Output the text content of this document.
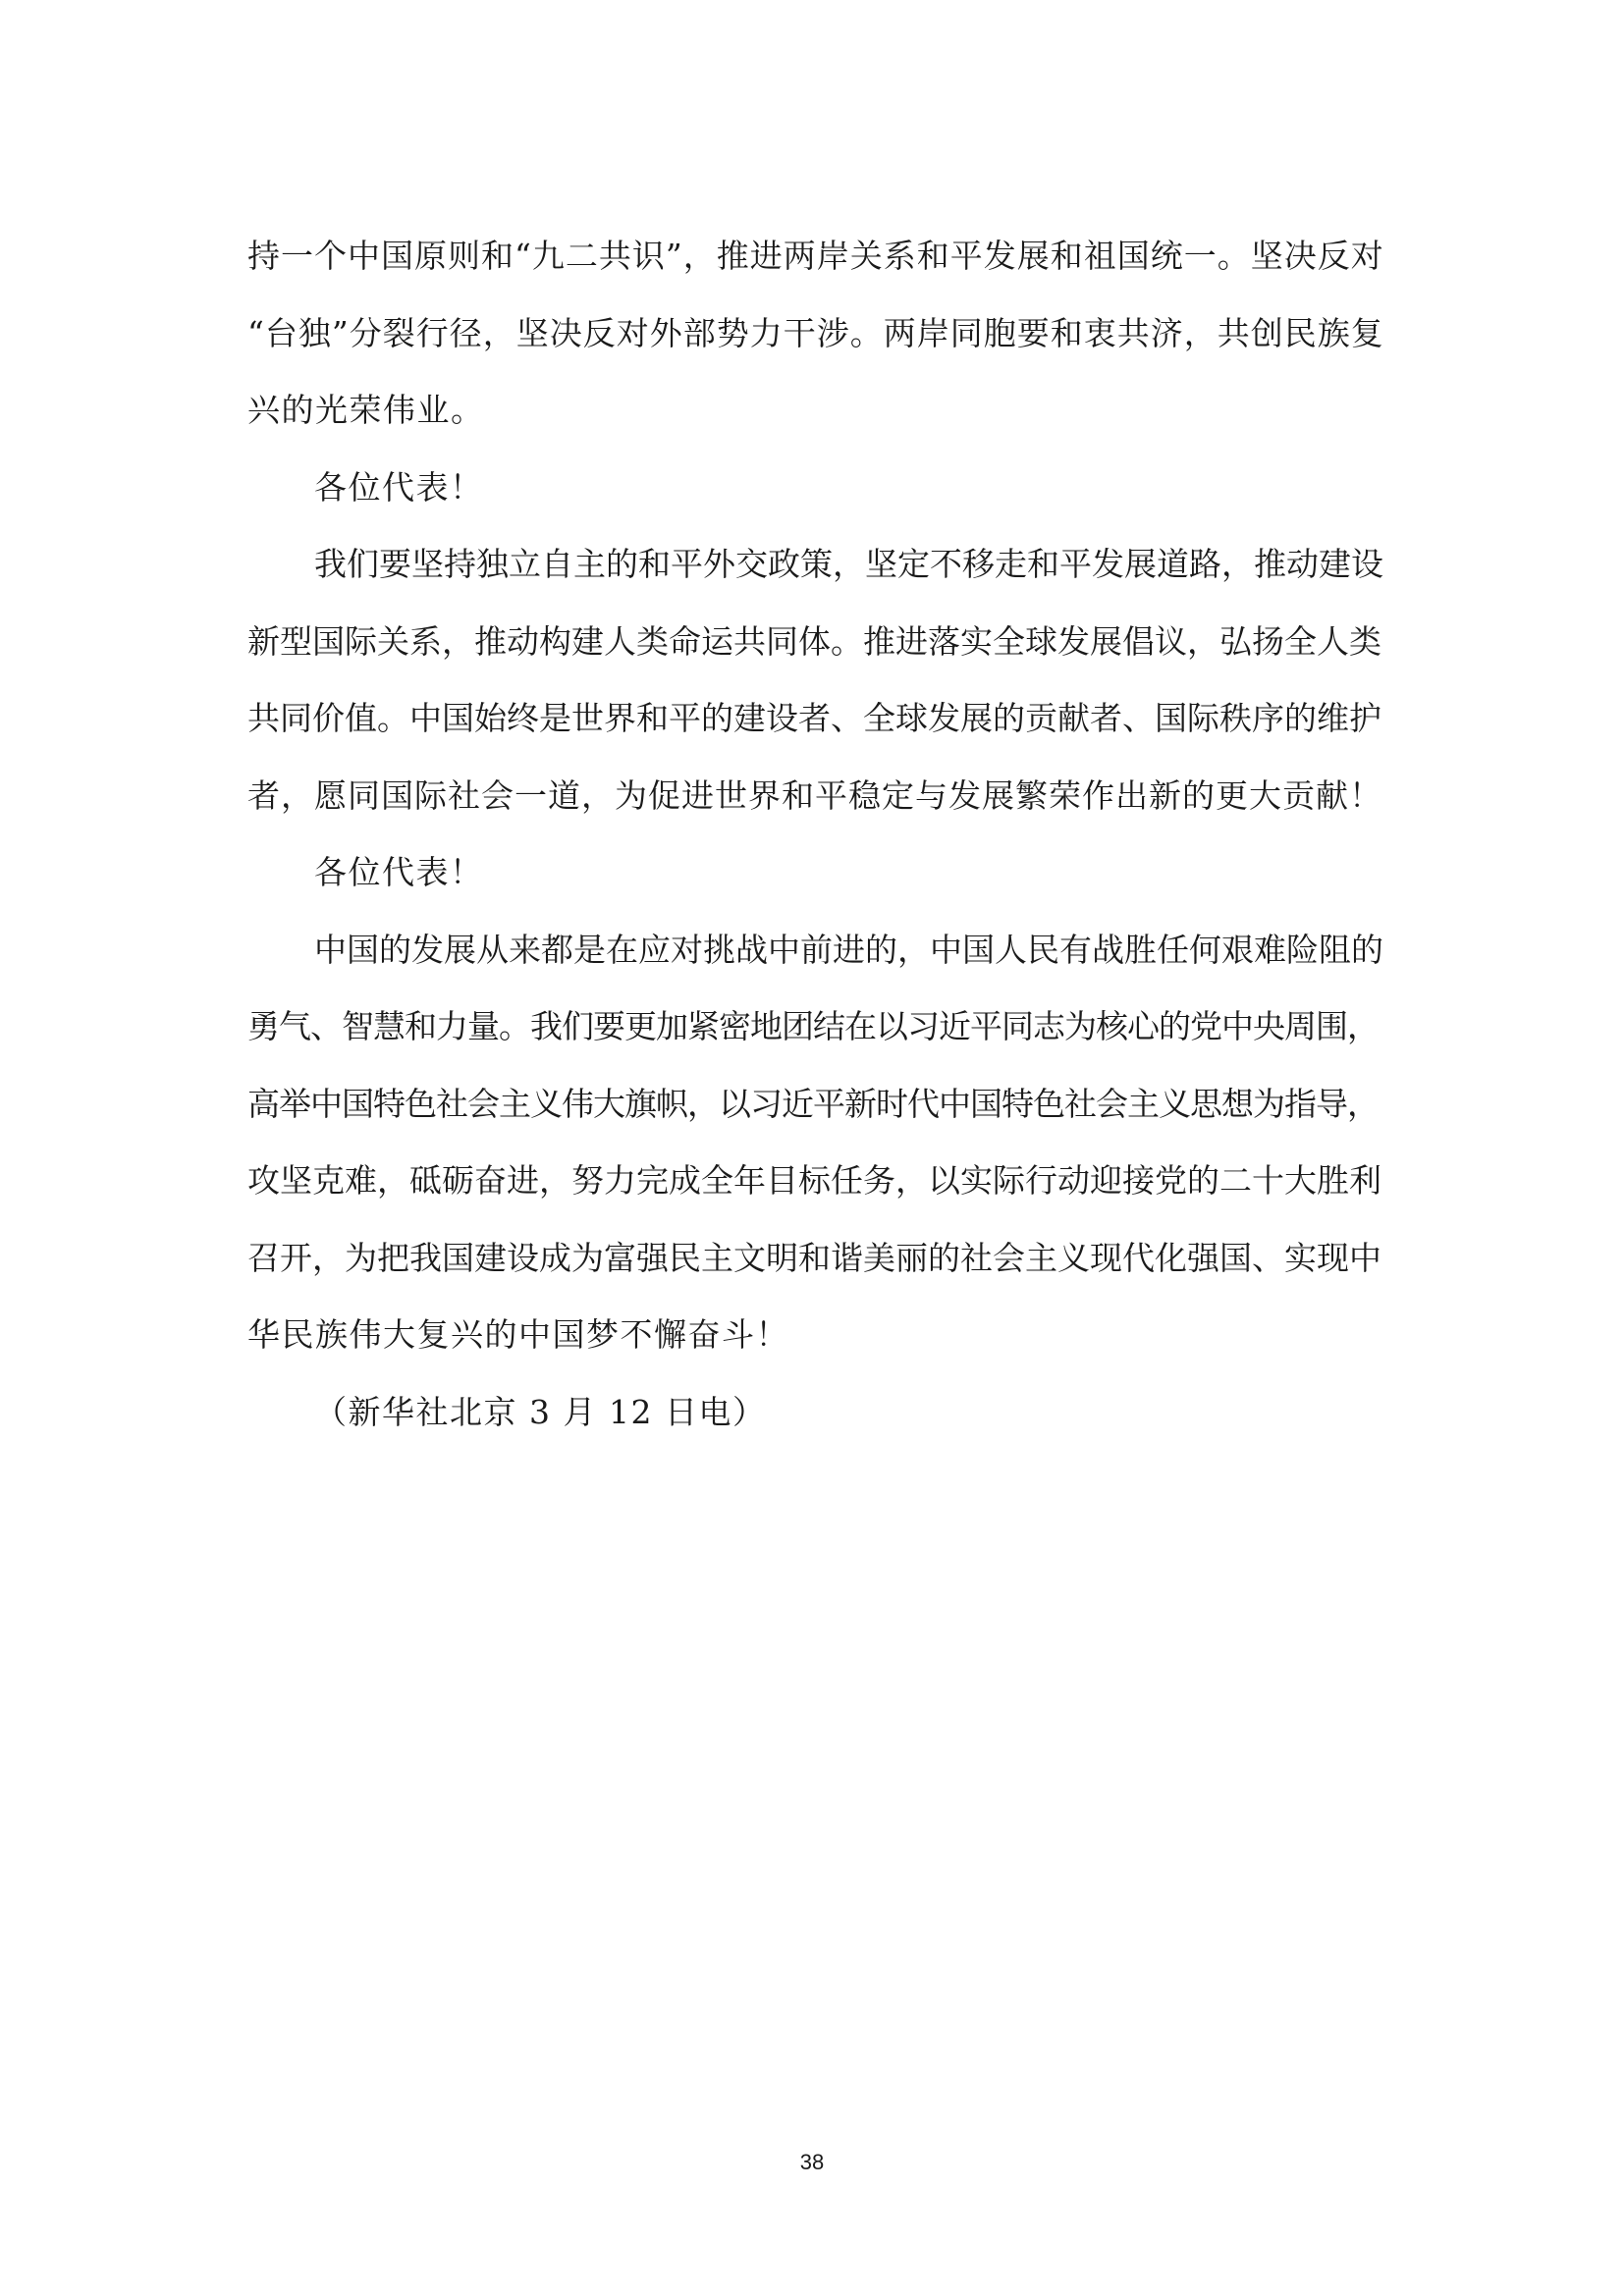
持一个中国原则和“九二共识”，推进两岸关系和平发展和祖国统一。坚决反对
“台独”分裂行径，坚决反对外部势力干涉。两岸同胞要和衷共济，共创民族复
兴的光荣伟业。
各位代表！
我们要坚持独立自主的和平外交政策，坚定不移走和平发展道路，推动建设
新型国际关系，推动构建人类命运共同体。推进落实全球发展倡议，弘扬全人类
共同价值。中国始终是世界和平的建设者、全球发展的贡献者、国际秩序的维护
者，愿同国际社会一道，为促进世界和平稳定与发展繁荣作出新的更大贡献！
各位代表！
中国的发展从来都是在应对挑战中前进的，中国人民有战胜任何艰难险阻的
勇气、智慧和力量。我们要更加紧密地团结在以习近平同志为核心的党中央周围，
高举中国特色社会主义伟大旗帜，以习近平新时代中国特色社会主义思想为指导，
攻坚克难，砥砺奋进，努力完成全年目标任务，以实际行动迎接党的二十大胜利
召开，为把我国建设成为富强民主文明和谐美丽的社会主义现代化强国、实现中
华民族伟大复兴的中国梦不懈奋斗！
（新华社北京 3 月 12 日电）
38
